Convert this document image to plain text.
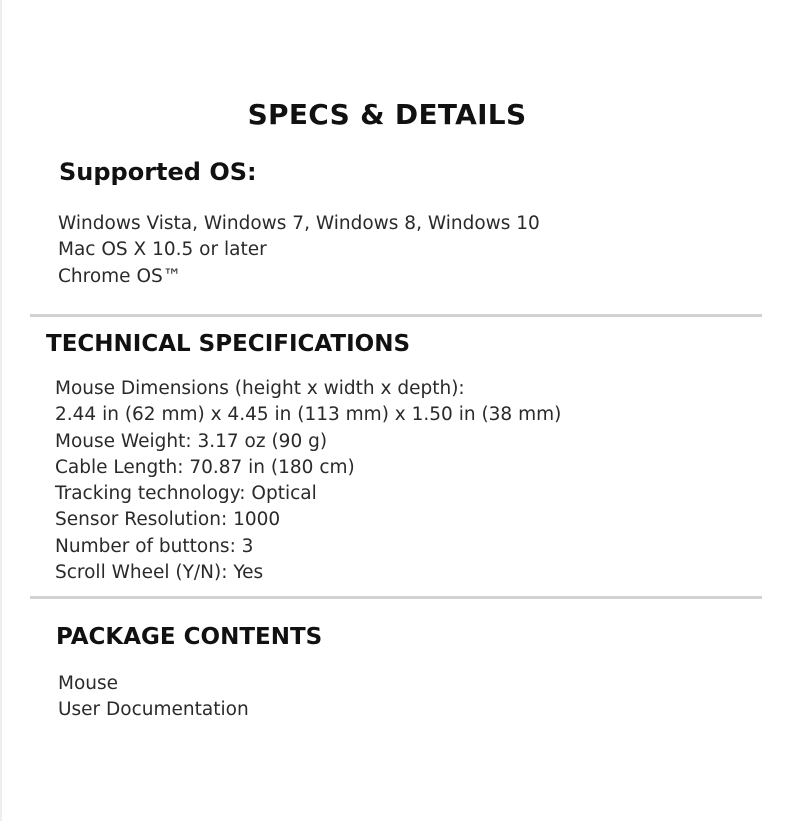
SPECS & DETAILS
Supported OS:
Windows Vista, Windows 7, Windows 8, Windows 10
Mac OS X 10.5 or later
Chrome OS™
TECHNICAL SPECIFICATIONS
Mouse Dimensions (height x width x depth):
2.44 in (62 mm) x 4.45 in (113 mm) x 1.50 in (38 mm)
Mouse Weight: 3.17 oz (90 g)
Cable Length: 70.87 in (180 cm)
Tracking technology: Optical
Sensor Resolution: 1000
Number of buttons: 3
Scroll Wheel (Y/N): Yes
PACKAGE CONTENTS
Mouse
User Documentation
